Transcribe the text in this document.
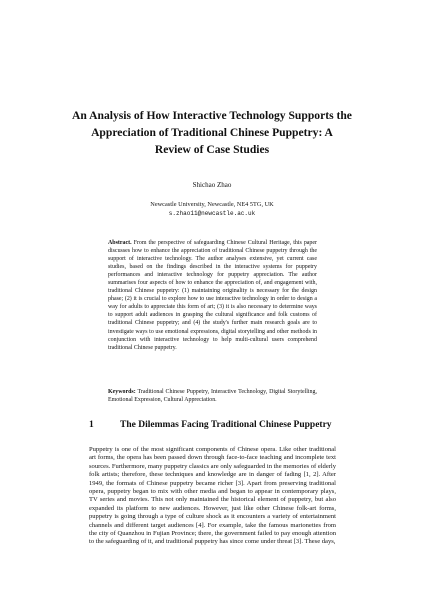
An Analysis of How Interactive Technology Supports the Appreciation of Traditional Chinese Puppetry: A Review of Case Studies
Shichao Zhao
Newcastle University, Newcastle, NE4 5TG, UK
s.zhao11@newcastle.ac.uk
Abstract. From the perspective of safeguarding Chinese Cultural Heritage, this paper discusses how to enhance the appreciation of traditional Chinese puppetry through the support of interactive technology. The author analyses extensive, yet current case studies, based on the findings described in the interactive systems for puppetry performances and interactive technology for puppetry appreciation. The author summarises four aspects of how to enhance the appreciation of, and engagement with, traditional Chinese puppetry: (1) maintaining originality is necessary for the design phase; (2) it is crucial to explore how to use interactive technology in order to design a way for adults to appreciate this form of art; (3) it is also necessary to determine ways to support adult audiences in grasping the cultural significance and folk customs of traditional Chinese puppetry; and (4) the study's further main research goals are to investigate ways to use emotional expressions, digital storytelling and other methods in conjunction with interactive technology to help multi-cultural users comprehend traditional Chinese puppetry.
Keywords: Traditional Chinese Puppetry, Interactive Technology, Digital Storytelling, Emotional Expression, Cultural Appreciation.
1	The Dilemmas Facing Traditional Chinese Puppetry
Puppetry is one of the most significant components of Chinese opera. Like other traditional art forms, the opera has been passed down through face-to-face teaching and incomplete text sources. Furthermore, many puppetry classics are only safeguarded in the memories of elderly folk artists; therefore, these techniques and knowledge are in danger of fading [1, 2]. After 1949, the formats of Chinese puppetry became richer [3]. Apart from preserving traditional opera, puppetry began to mix with other media and began to appear in contemporary plays, TV series and movies. This not only maintained the historical element of puppetry, but also expanded its platform to new audiences. However, just like other Chinese folk-art forms, puppetry is going through a type of culture shock as it encounters a variety of entertainment channels and different target audiences [4]. For example, take the famous marionettes from the city of Quanzhou in Fujian Province; there, the government failed to pay enough attention to the safeguarding of it, and traditional puppetry has since come under threat [3]. These days,
